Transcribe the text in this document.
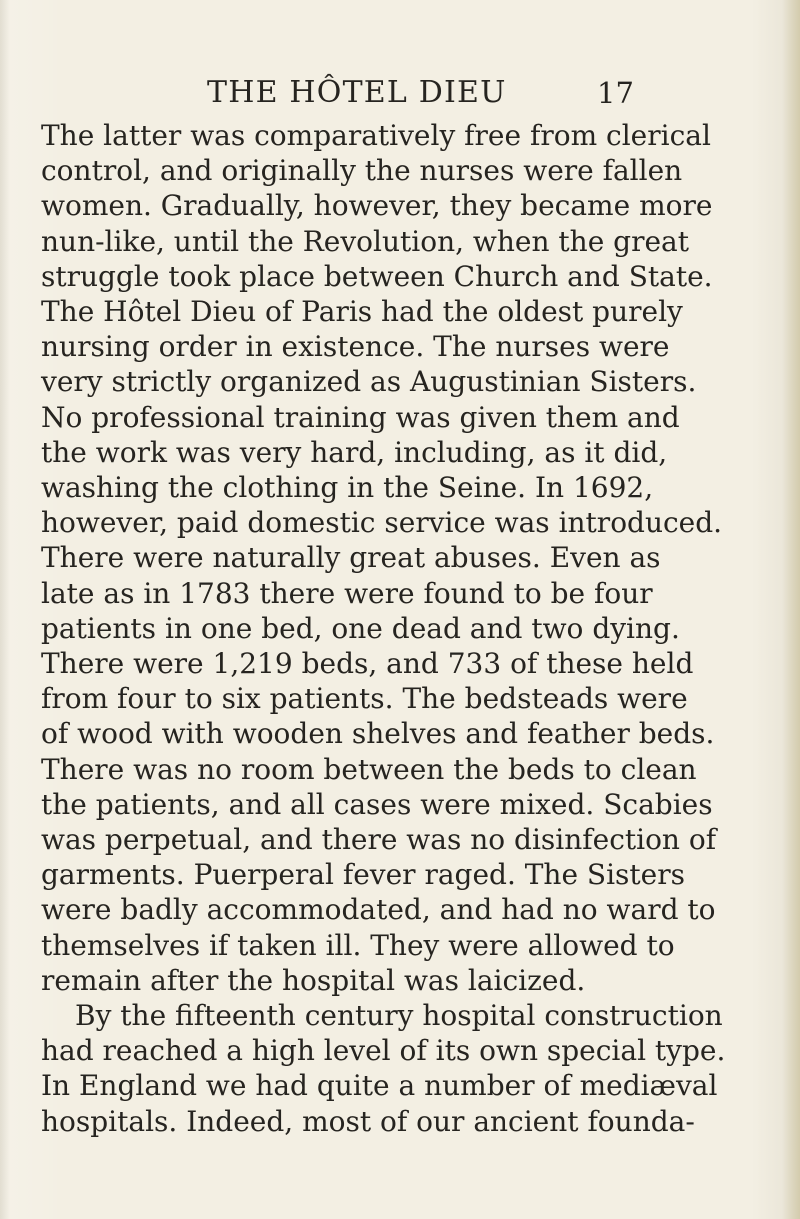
THE HÔTEL DIEU	17
The latter was comparatively free from clerical
control, and originally the nurses were fallen
women. Gradually, however, they became more
nun-like, until the Revolution, when the great
struggle took place between Church and State.
The Hôtel Dieu of Paris had the oldest purely
nursing order in existence. The nurses were
very strictly organized as Augustinian Sisters.
No professional training was given them and
the work was very hard, including, as it did,
washing the clothing in the Seine. In 1692,
however, paid domestic service was introduced.
There were naturally great abuses. Even as
late as in 1783 there were found to be four
patients in one bed, one dead and two dying.
There were 1,219 beds, and 733 of these held
from four to six patients. The bedsteads were
of wood with wooden shelves and feather beds.
There was no room between the beds to clean
the patients, and all cases were mixed. Scabies
was perpetual, and there was no disinfection of
garments. Puerperal fever raged. The Sisters
were badly accommodated, and had no ward to
themselves if taken ill. They were allowed to
remain after the hospital was laicized.
By the fifteenth century hospital construction
had reached a high level of its own special type.
In England we had quite a number of mediæval
hospitals. Indeed, most of our ancient founda-
